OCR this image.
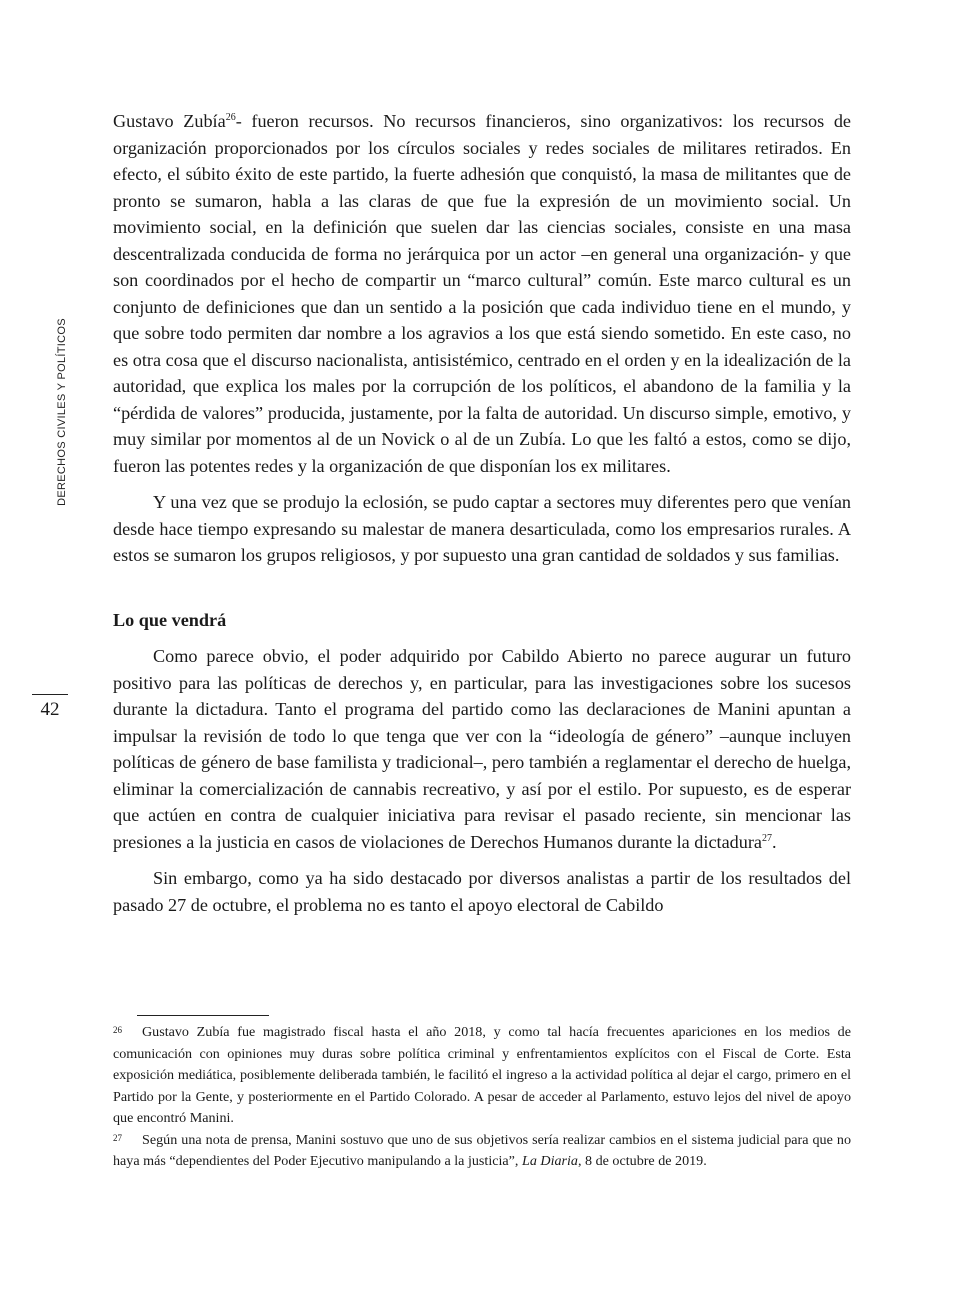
DERECHOS CIVILES Y POLÍTICOS
42

Gustavo Zubía$^{26}$- fueron recursos. No recursos financieros, sino organizativos: los recursos de organización proporcionados por los círculos sociales y redes sociales de militares retirados. En efecto, el súbito éxito de este partido, la fuerte adhesión que conquistó, la masa de militantes que de pronto se sumaron, habla a las claras de que fue la expresión de un movimiento social. Un movimiento social, en la definición que suelen dar las ciencias sociales, consiste en una masa descentralizada conducida de forma no jerárquica por un actor –en general una organización- y que son coordinados por el hecho de compartir un “marco cultural” común. Este marco cultural es un conjunto de definiciones que dan un sentido a la posición que cada individuo tiene en el mundo, y que sobre todo permiten dar nombre a los agravios a los que está siendo sometido. En este caso, no es otra cosa que el discurso nacionalista, antisistémico, centrado en el orden y en la idealización de la autoridad, que explica los males por la corrupción de los políticos, el abandono de la familia y la “pérdida de valores” producida, justamente, por la falta de autoridad. Un discurso simple, emotivo, y muy similar por momentos al de un Novick o al de un Zubía. Lo que les faltó a estos, como se dijo, fueron las potentes redes y la organización de que disponían los ex militares.

Y una vez que se produjo la eclosión, se pudo captar a sectores muy diferentes pero que venían desde hace tiempo expresando su malestar de manera desarticulada, como los empresarios rurales. A estos se sumaron los grupos religiosos, y por supuesto una gran cantidad de soldados y sus familias.

Lo que vendrá

Como parece obvio, el poder adquirido por Cabildo Abierto no parece augurar un futuro positivo para las políticas de derechos y, en particular, para las investigaciones sobre los sucesos durante la dictadura. Tanto el programa del partido como las declaraciones de Manini apuntan a impulsar la revisión de todo lo que tenga que ver con la “ideología de género” –aunque incluyen políticas de género de base familista y tradicional–, pero también a reglamentar el derecho de huelga, eliminar la comercialización de cannabis recreativo, y así por el estilo. Por supuesto, es de esperar que actúen en contra de cualquier iniciativa para revisar el pasado reciente, sin mencionar las presiones a la justicia en casos de violaciones de Derechos Humanos durante la dictadura$^{27}$.

Sin embargo, como ya ha sido destacado por diversos analistas a partir de los resultados del pasado 27 de octubre, el problema no es tanto el apoyo electoral de Cabildo

26 Gustavo Zubía fue magistrado fiscal hasta el año 2018, y como tal hacía frecuentes apariciones en los medios de comunicación con opiniones muy duras sobre política criminal y enfrentamientos explícitos con el Fiscal de Corte. Esta exposición mediática, posiblemente deliberada también, le facilitó el ingreso a la actividad política al dejar el cargo, primero en el Partido por la Gente, y posteriormente en el Partido Colorado. A pesar de acceder al Parlamento, estuvo lejos del nivel de apoyo que encontró Manini.

27 Según una nota de prensa, Manini sostuvo que uno de sus objetivos sería realizar cambios en el sistema judicial para que no haya más “dependientes del Poder Ejecutivo manipulando a la justicia”, La Diaria, 8 de octubre de 2019.
